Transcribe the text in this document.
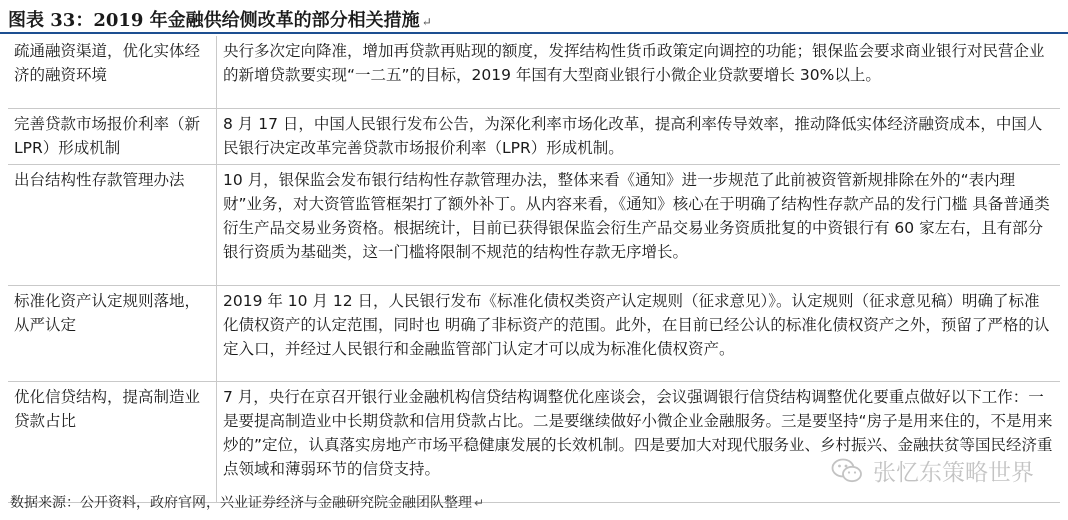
图表 33：2019 年金融供给侧改革的部分相关措施 ↵
疏通融资渠道，优化实体经济的融资环境	央行多次定向降准，增加再贷款再贴现的额度，发挥结构性货币政策定向调控的功能；银保监会要求商业银行对民营企业的新增贷款要实现“一二五”的目标，2019 年国有大型商业银行小微企业贷款要增长 30%以上。
完善贷款市场报价利率（新 LPR）形成机制	8 月 17 日，中国人民银行发布公告，为深化利率市场化改革，提高利率传导效率，推动降低实体经济融资成本，中国人民银行决定改革完善贷款市场报价利率（LPR）形成机制。
出台结构性存款管理办法	10 月，银保监会发布银行结构性存款管理办法，整体来看《通知》进一步规范了此前被资管新规排除在外的“表内理财”业务，对大资管监管框架打了额外补丁。从内容来看，《通知》核心在于明确了结构性存款产品的发行门槛 具备普通类衍生产品交易业务资格。根据统计，目前已获得银保监会衍生产品交易业务资质批复的中资银行有 60 家左右，且有部分银行资质为基础类，这一门槛将限制不规范的结构性存款无序增长。
标准化资产认定规则落地，从严认定	2019 年 10 月 12 日，人民银行发布《标准化债权类资产认定规则（征求意见）》。认定规则（征求意见稿）明确了标准化债权资产的认定范围，同时也 明确了非标资产的范围。此外，在目前已经公认的标准化债权资产之外，预留了严格的认定入口，并经过人民银行和金融监管部门认定才可以成为标准化债权资产。
优化信贷结构，提高制造业贷款占比	7 月，央行在京召开银行业金融机构信贷结构调整优化座谈会，会议强调银行信贷结构调整优化要重点做好以下工作：一是要提高制造业中长期贷款和信用贷款占比。二是要继续做好小微企业金融服务。三是要坚持“房子是用来住的，不是用来炒的”定位，认真落实房地产市场平稳健康发展的长效机制。四是要加大对现代服务业、乡村振兴、金融扶贫等国民经济重点领域和薄弱环节的信贷支持。	张忆东策略世界
数据来源：公开资料，政府官网，兴业证券经济与金融研究院金融团队整理 ↵
